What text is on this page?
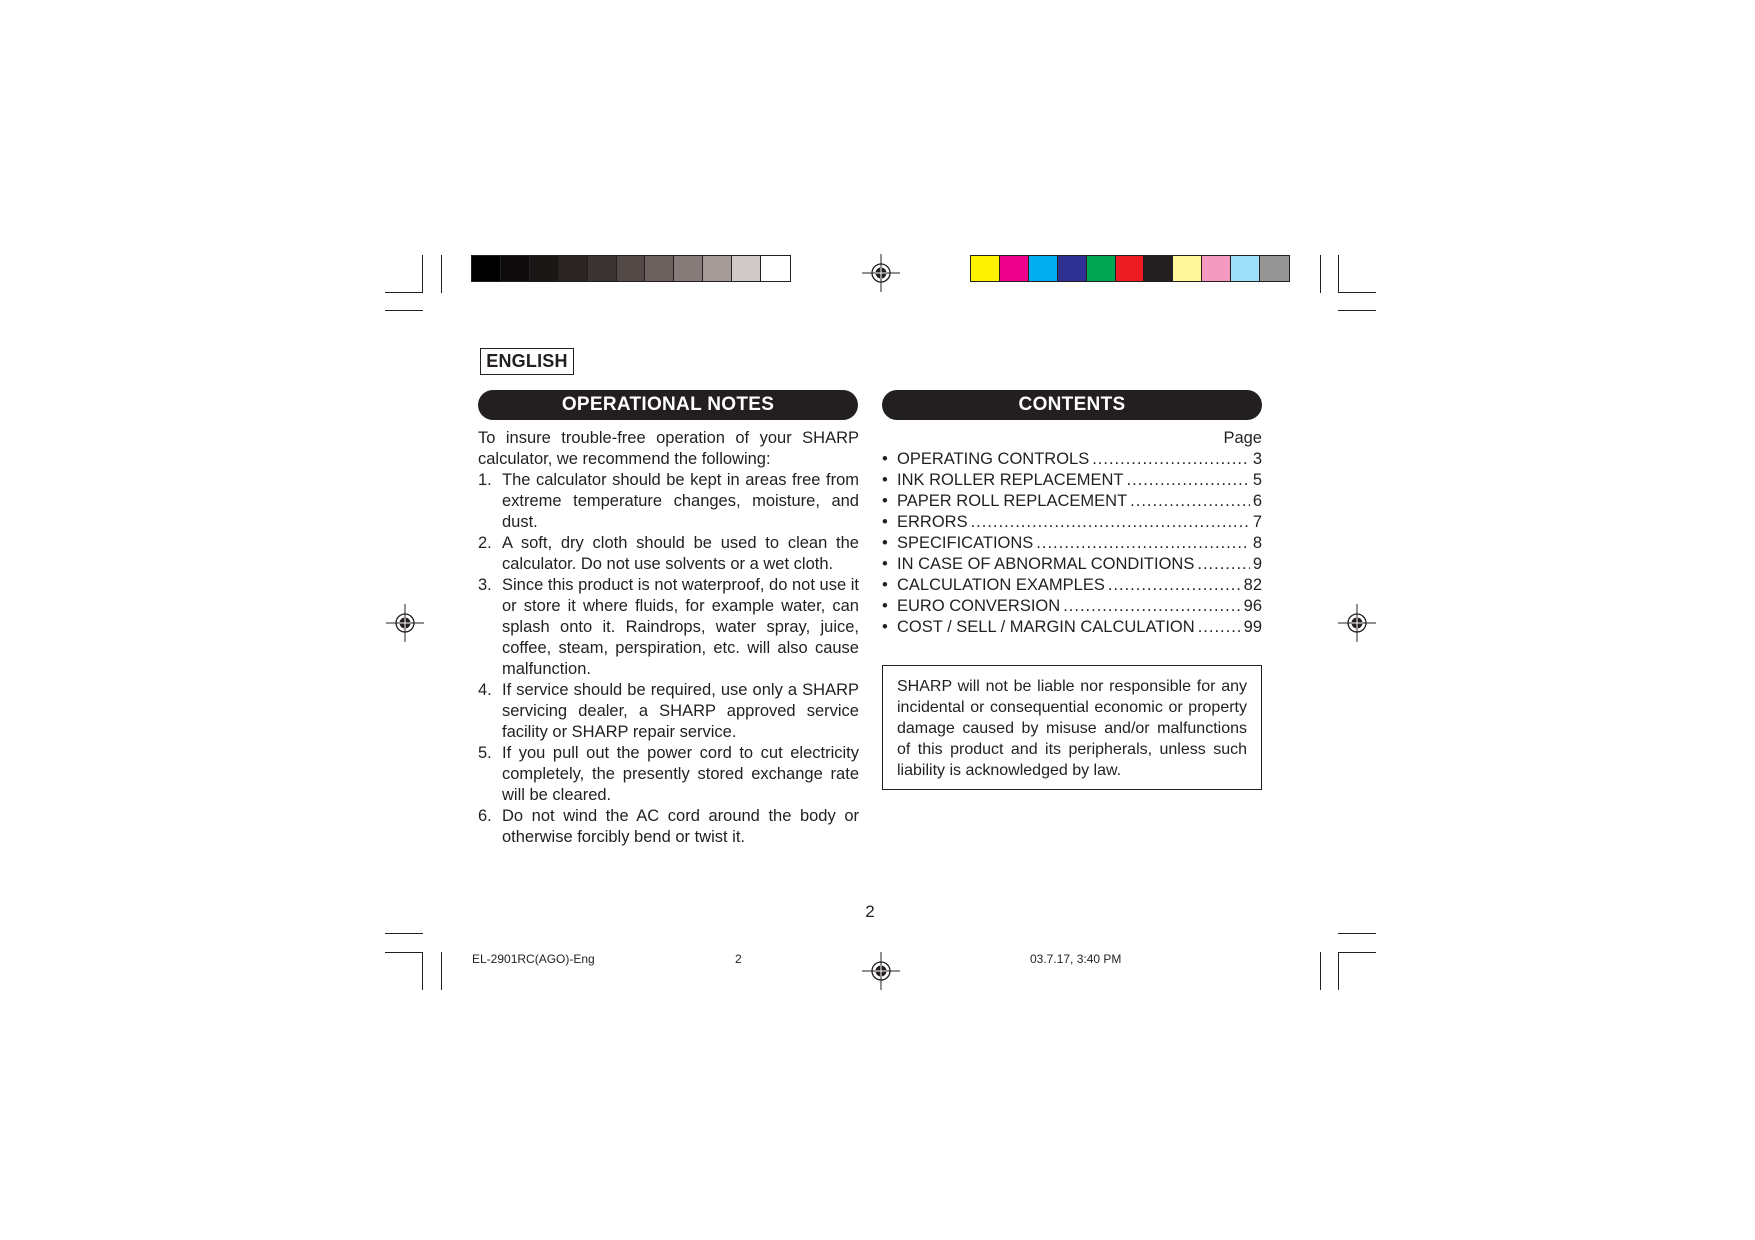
ENGLISH
OPERATIONAL NOTES	CONTENTS

To insure trouble-free operation of your SHARP calculator, we recommend the following:

1. The calculator should be kept in areas free from extreme temperature changes, moisture, and dust.
2. A soft, dry cloth should be used to clean the calculator. Do not use solvents or a wet cloth.
3. Since this product is not waterproof, do not use it or store it where fluids, for example water, can splash onto it. Raindrops, water spray, juice, coffee, steam, perspiration, etc. will also cause malfunction.
4. If service should be required, use only a SHARP servicing dealer, a SHARP approved service facility or SHARP repair service.
5. If you pull out the power cord to cut electricity completely, the presently stored exchange rate will be cleared.
6. Do not wind the AC cord around the body or otherwise forcibly bend or twist it.
Page
• OPERATING CONTROLS .....	3
• INK ROLLER REPLACEMENT .....	5
• PAPER ROLL REPLACEMENT .....	6
• ERRORS .....	7
• SPECIFICATIONS .....	8
• IN CASE OF ABNORMAL CONDITIONS .....	9
• CALCULATION EXAMPLES .....	82
• EURO CONVERSION .....	96
• COST / SELL / MARGIN CALCULATION .....	99
SHARP will not be liable nor responsible for any incidental or consequential economic or property damage caused by misuse and/or malfunctions of this product and its peripherals, unless such liability is acknowledged by law.
2
EL-2901RC(AGO)-Eng	2	03.7.17, 3:40 PM
